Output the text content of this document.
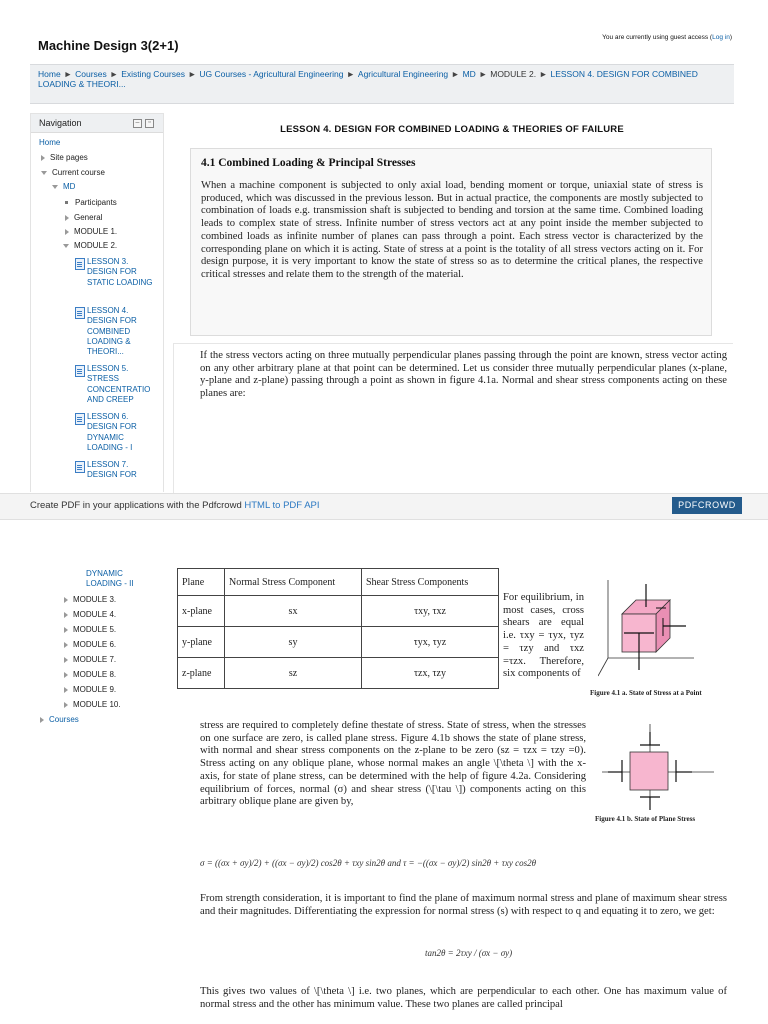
Machine Design 3(2+1)
You are currently using guest access (Log in)
Home ► Courses ► Existing Courses ► UG Courses - Agricultural Engineering ► Agricultural Engineering ► MD ► MODULE 2. ► LESSON 4. DESIGN FOR COMBINED LOADING & THEORI...
Navigation	–	▫
Home
Site pages
Current course
MD
Participants
General
MODULE 1.
MODULE 2.
LESSON 3. DESIGN FOR STATIC LOADING
LESSON 4. DESIGN FOR COMBINED LOADING & THEORI...
LESSON 5. STRESS CONCENTRATIO AND CREEP
LESSON 6. DESIGN FOR DYNAMIC LOADING - I
LESSON 7. DESIGN FOR
LESSON 4. DESIGN FOR COMBINED LOADING & THEORIES OF FAILURE
4.1 Combined Loading & Principal Stresses

When a machine component is subjected to only axial load, bending moment or torque, uniaxial state of stress is produced, which was discussed in the previous lesson. But in actual practice, the components are mostly subjected to combination of loads e.g. transmission shaft is subjected to bending and torsion at the same time. Combined loading leads to complex state of stress. Infinite number of stress vectors act at any point inside the member subjected to combined loads as infinite number of planes can pass through a point. Each stress vector is characterized by the corresponding plane on which it is acting. State of stress at a point is the totality of all stress vectors acting on it. For design purpose, it is very important to know the state of stress so as to determine the critical planes, the respective critical stresses and relate them to the strength of the material.

If the stress vectors acting on three mutually perpendicular planes passing through the point are known, stress vector acting on any other arbitrary plane at that point can be determined. Let us consider three mutually perpendicular planes (x-plane, y-plane and z-plane) passing through a point as shown in figure 4.1a. Normal and shear stress components acting on these planes are:

Create PDF in your applications with the Pdfcrowd HTML to PDF API	PDFCROWD
DYNAMIC LOADING - II
MODULE 3.
MODULE 4.
MODULE 5.
MODULE 6.
MODULE 7.
MODULE 8.
MODULE 9.
MODULE 10.
Courses
Plane	Normal Stress Component	Shear Stress Components
x-plane	sx	τxy, τxz
y-plane	sy	τyx, τyz
z-plane	sz	τzx, τzy
For equilibrium, in most cases, cross shears are equal i.e. τxy = τyx, τyz = τzy and τxz =τzx. Therefore, six components of
Figure 4.1 a. State of Stress at a Point
Figure 4.1 b. State of Plane Stress
stress are required to completely define thestate of stress. State of stress, when the stresses on one surface are zero, is called plane stress. Figure 4.1b shows the state of plane stress, with normal and shear stress components on the z-plane to be zero (sz = τzx = τzy =0). Stress acting on any oblique plane, whose normal makes an angle \[\theta \] with the x-axis, for state of plane stress, can be determined with the help of figure 4.2a. Considering equilibrium of forces, normal (σ) and shear stress (\[\tau \]) components acting on this arbitrary oblique plane are given by,
σ = ((σx + σy)/2) + ((σx − σy)/2) cos2θ + τxy sin2θ and τ = −((σx − σy)/2) sin2θ + τxy cos2θ
From strength consideration, it is important to find the plane of maximum normal stress and plane of maximum shear stress and their magnitudes. Differentiating the expression for normal stress (s) with respect to q and equating it to zero, we get:
tan2θ = 2τxy / (σx − σy)
This gives two values of \[\theta \] i.e. two planes, which are perpendicular to each other. One has maximum value of normal stress and the other has minimum value. These two planes are called principal
